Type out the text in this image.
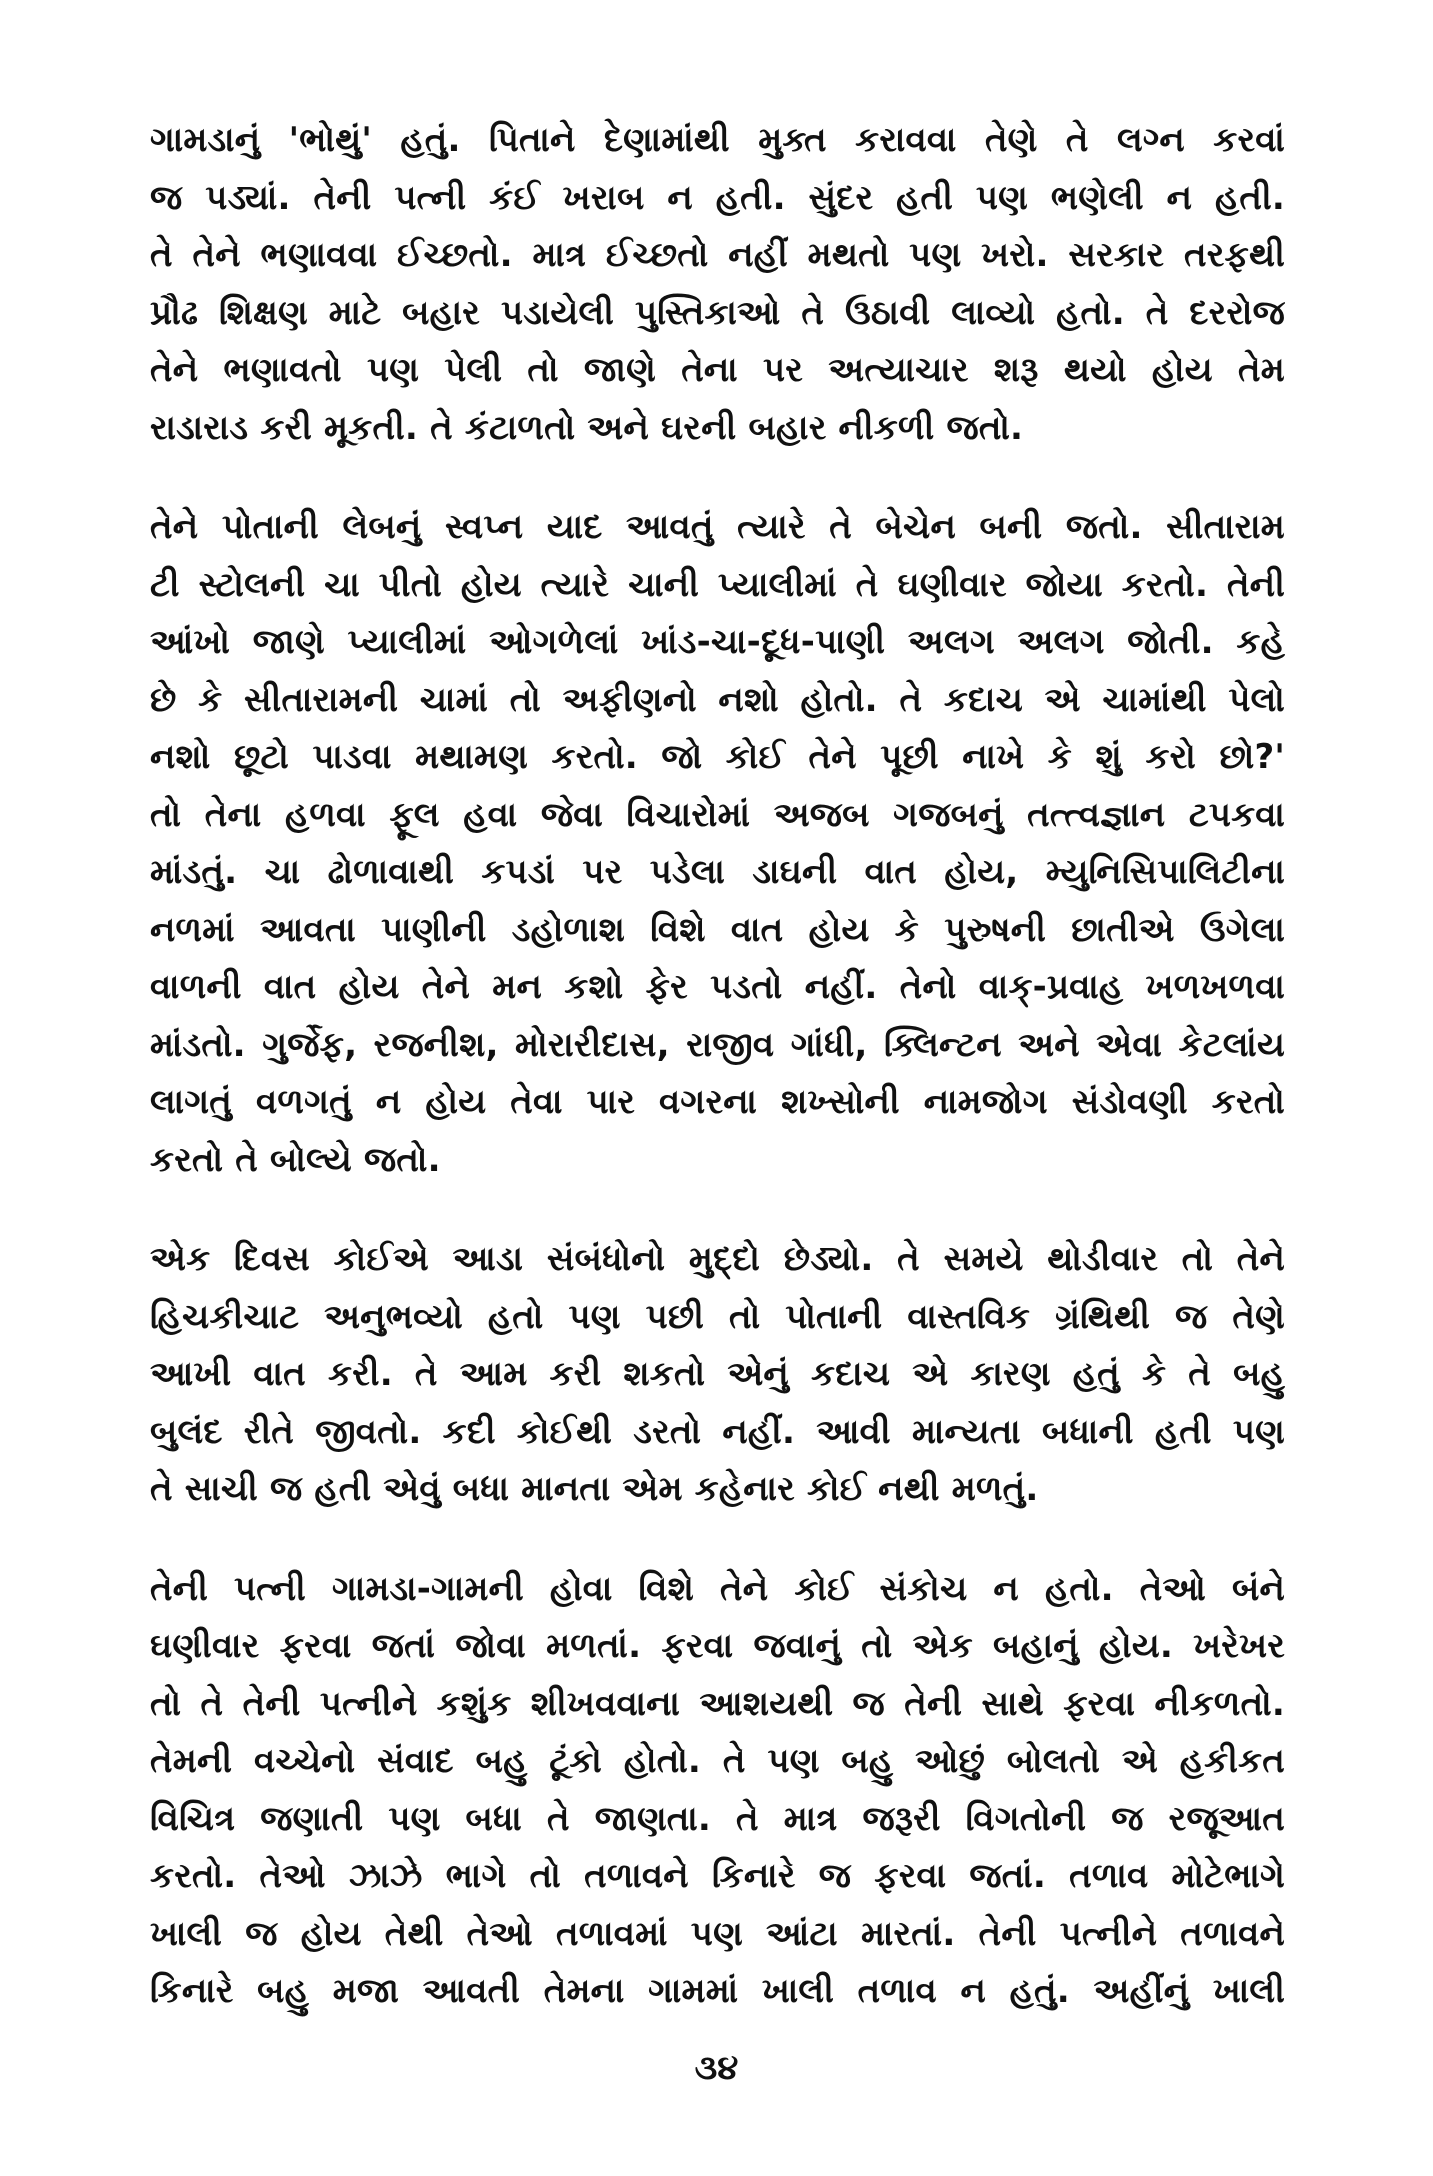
ગામડાનું 'ભોથું' હતું. પિતાને દેણામાંથી મુક્ત કરાવવા તેણે તે લગ્ન કરવાં
જ પડ્યાં. તેની પત્ની કંઈ ખરાબ ન હતી. સુંદર હતી પણ ભણેલી ન હતી.
તે તેને ભણાવવા ઈચ્છતો. માત્ર ઈચ્છતો નહીં મથતો પણ ખરો. સરકાર તરફથી
પ્રૌઢ શિક્ષણ માટે બહાર પડાયેલી પુસ્તિકાઓ તે ઉઠાવી લાવ્યો હતો. તે દરરોજ
તેને ભણાવતો પણ પેલી તો જાણે તેના પર અત્યાચાર શરૂ થયો હોય તેમ
રાડારાડ કરી મૂકતી. તે કંટાળતો અને ઘરની બહાર નીકળી જતો.
તેને પોતાની લેબનું સ્વપ્ન યાદ આવતું ત્યારે તે બેચેન બની જતો. સીતારામ
ટી સ્ટોલની ચા પીતો હોય ત્યારે ચાની પ્યાલીમાં તે ઘણીવાર જોયા કરતો. તેની
આંખો જાણે પ્યાલીમાં ઓગળેલાં ખાંડ-ચા-દૂધ-પાણી અલગ અલગ જોતી. કહે
છે કે સીતારામની ચામાં તો અફીણનો નશો હોતો. તે કદાચ એ ચામાંથી પેલો
નશો છૂટો પાડવા મથામણ કરતો. જો કોઈ તેને પૂછી નાખે કે શું કરો છો?'
તો તેના હળવા ફૂલ હવા જેવા વિચારોમાં અજબ ગજબનું તત્ત્વજ્ઞાન ટપકવા
માંડતું. ચા ઢોળાવાથી કપડાં પર પડેલા ડાઘની વાત હોય, મ્યુનિસિપાલિટીના
નળમાં આવતા પાણીની ડહોળાશ વિશે વાત હોય કે પુરુષની છાતીએ ઉગેલા
વાળની વાત હોય તેને મન કશો ફેર પડતો નહીં. તેનો વાક્-પ્રવાહ ખળખળવા
માંડતો. ગુર્જેફ, રજનીશ, મોરારીદાસ, રાજીવ ગાંધી, ક્લિન્ટન અને એવા કેટલાંય
લાગતું વળગતું ન હોય તેવા પાર વગરના શખ્સોની નામજોગ સંડોવણી કરતો
કરતો તે બોલ્યે જતો.
એક દિવસ કોઈએ આડા સંબંધોનો મુદ્દો છેડ્યો. તે સમયે થોડીવાર તો તેને
હિચકીચાટ અનુભવ્યો હતો પણ પછી તો પોતાની વાસ્તવિક ગ્રંથિથી જ તેણે
આખી વાત કરી. તે આમ કરી શકતો એનું કદાચ એ કારણ હતું કે તે બહુ
બુલંદ રીતે જીવતો. કદી કોઈથી ડરતો નહીં. આવી માન્યતા બધાની હતી પણ
તે સાચી જ હતી એવું બધા માનતા એમ કહેનાર કોઈ નથી મળતું.
તેની પત્ની ગામડા-ગામની હોવા વિશે તેને કોઈ સંકોચ ન હતો. તેઓ બંને
ઘણીવાર ફરવા જતાં જોવા મળતાં. ફરવા જવાનું તો એક બહાનું હોય. ખરેખર
તો તે તેની પત્નીને કશુંક શીખવવાના આશયથી જ તેની સાથે ફરવા નીકળતો.
તેમની વચ્ચેનો સંવાદ બહુ ટૂંકો હોતો. તે પણ બહુ ઓછું બોલતો એ હકીકત
વિચિત્ર જણાતી પણ બધા તે જાણતા. તે માત્ર જરૂરી વિગતોની જ રજૂઆત
કરતો. તેઓ ઝાઝે ભાગે તો તળાવને કિનારે જ ફરવા જતાં. તળાવ મોટેભાગે
ખાલી જ હોય તેથી તેઓ તળાવમાં પણ આંટા મારતાં. તેની પત્નીને તળાવને
કિનારે બહુ મજા આવતી તેમના ગામમાં ખાલી તળાવ ન હતું. અહીંનું ખાલી
૩૪
